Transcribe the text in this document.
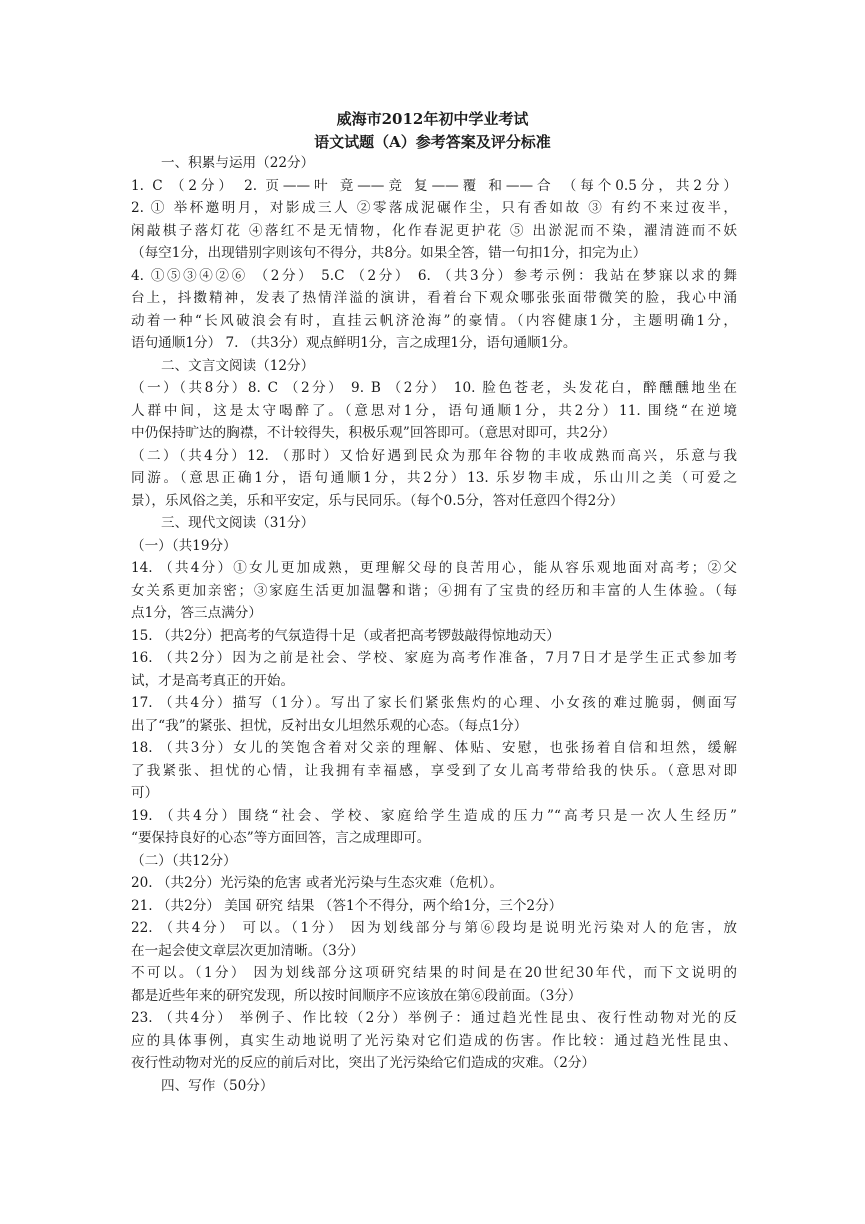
威海市2012年初中学业考试
语文试题（A）参考答案及评分标准
一、积累与运用（22分）
1. C （2分） 2. 页——叶 竟——竞 复——覆 和——合 （每个0.5分，共2分）
2. ① 举杯邀明月，对影成三人 ②零落成泥碾作尘，只有香如故 ③ 有约不来过夜半，
闲敲棋子落灯花 ④落红不是无情物，化作春泥更护花 ⑤ 出淤泥而不染，濯清涟而不妖
（每空1分，出现错别字则该句不得分，共8分。如果全答，错一句扣1分，扣完为止）
4. ①⑤③④②⑥ （2分） 5.C （2分） 6. （共3分）参考示例：我站在梦寐以求的舞
台上，抖擞精神，发表了热情洋溢的演讲，看着台下观众哪张张面带微笑的脸，我心中涌
动着一种“长风破浪会有时，直挂云帆济沧海”的豪情。（内容健康1分，主题明确1分，
语句通顺1分） 7. （共3分）观点鲜明1分，言之成理1分，语句通顺1分。
二、文言文阅读（12分）
（一）（共8分）8. C （2分） 9. B （2分） 10. 脸色苍老，头发花白，醉醺醺地坐在
人群中间，这是太守喝醉了。（意思对1分，语句通顺1分，共2分）11. 围绕“在逆境
中仍保持旷达的胸襟，不计较得失，积极乐观”回答即可。（意思对即可，共2分）
（二）（共4分）12. （那时）又恰好遇到民众为那年谷物的丰收成熟而高兴，乐意与我
同游。（意思正确1分，语句通顺1分，共2分）13. 乐岁物丰成，乐山川之美（可爱之
景），乐风俗之美，乐和平安定，乐与民同乐。（每个0.5分，答对任意四个得2分）
三、现代文阅读（31分）
（一）（共19分）
14. （共4分）①女儿更加成熟，更理解父母的良苦用心，能从容乐观地面对高考；②父
女关系更加亲密；③家庭生活更加温馨和谐；④拥有了宝贵的经历和丰富的人生体验。（每
点1分，答三点满分）
15. （共2分）把高考的气氛造得十足（或者把高考锣鼓敲得惊地动天）
16. （共2分）因为之前是社会、学校、家庭为高考作准备，7月7日才是学生正式参加考
试，才是高考真正的开始。
17. （共4分）描写（1分）。写出了家长们紧张焦灼的心理、小女孩的难过脆弱，侧面写
出了“我”的紧张、担忧，反衬出女儿坦然乐观的心态。（每点1分）
18. （共3分）女儿的笑饱含着对父亲的理解、体贴、安慰，也张扬着自信和坦然，缓解
了我紧张、担忧的心情，让我拥有幸福感，享受到了女儿高考带给我的快乐。（意思对即
可）
19. （共4分）围绕“社会、学校、家庭给学生造成的压力”“高考只是一次人生经历”
“要保持良好的心态”等方面回答，言之成理即可。
（二）（共12分）
20. （共2分）光污染的危害 或者光污染与生态灾难（危机）。
21. （共2分） 美国 研究 结果 （答1个不得分，两个给1分，三个2分）
22. （共4分） 可以。（1分） 因为划线部分与第⑥段均是说明光污染对人的危害，放
在一起会使文章层次更加清晰。（3分）
不可以。（1分） 因为划线部分这项研究结果的时间是在20世纪30年代，而下文说明的
都是近些年来的研究发现，所以按时间顺序不应该放在第⑥段前面。（3分）
23. （共4分） 举例子、作比较（2分）举例子：通过趋光性昆虫、夜行性动物对光的反
应的具体事例，真实生动地说明了光污染对它们造成的伤害。作比较：通过趋光性昆虫、
夜行性动物对光的反应的前后对比，突出了光污染给它们造成的灾难。（2分）
四、写作（50分）
